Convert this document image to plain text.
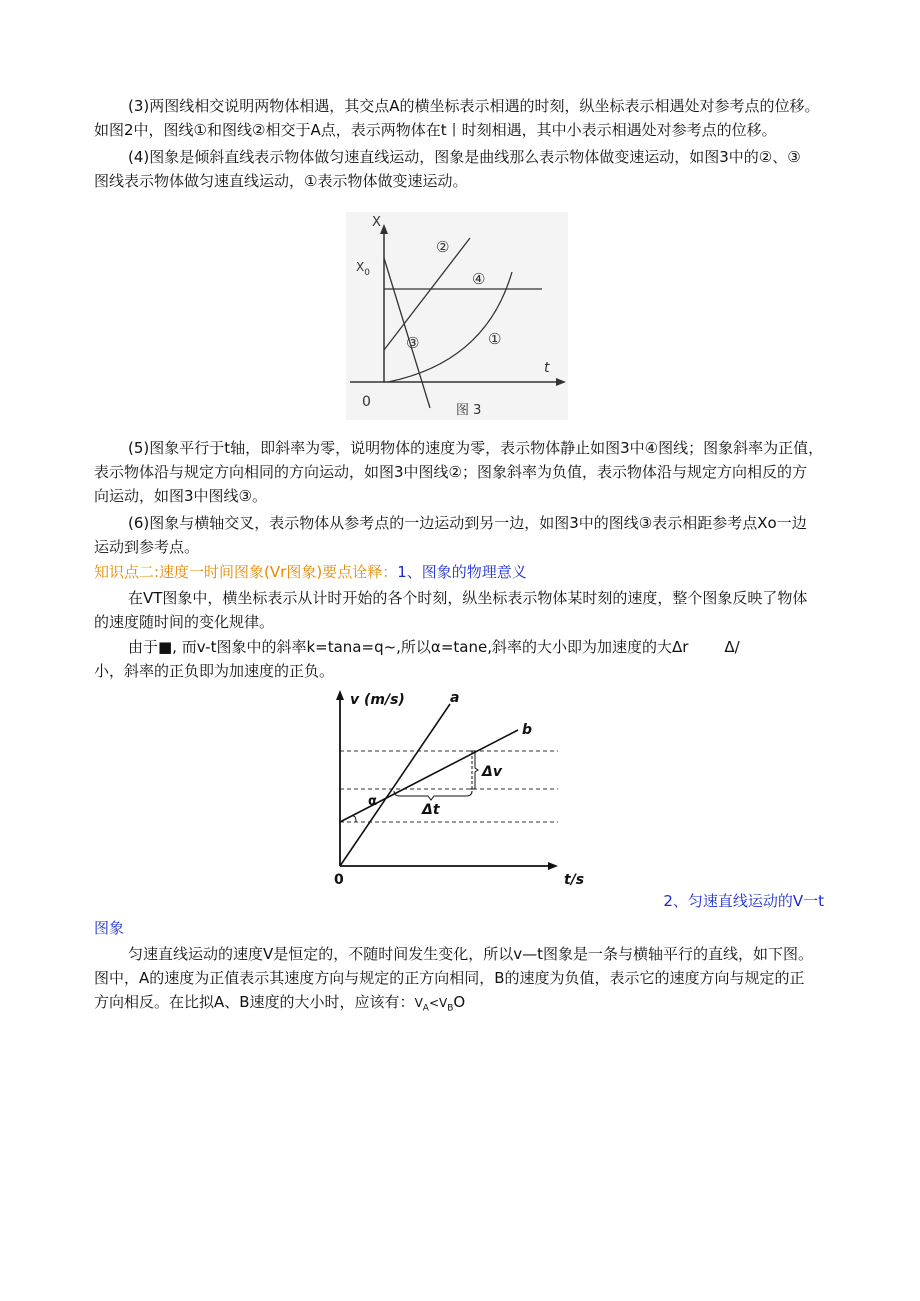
(3)两图线相交说明两物体相遇，其交点A的横坐标表示相遇的时刻，纵坐标表示相遇处对参考点的位移。
如图2中，图线①和图线②相交于A点，表示两物体在t丨时刻相遇，其中小表示相遇处对参考点的位移。
(4)图象是倾斜直线表示物体做匀速直线运动，图象是曲线那么表示物体做变速运动，如图3中的②、③
图线表示物体做匀速直线运动，①表示物体做变速运动。
X
$X_0$
t
0
图 3
②
④
③	①
(5)图象平行于t轴，即斜率为零，说明物体的速度为零，表示物体静止如图3中④图线；图象斜率为正值，
表示物体沿与规定方向相同的方向运动，如图3中图线②；图象斜率为负值，表示物体沿与规定方向相反的方
向运动，如图3中图线③。
(6)图象与横轴交叉，表示物体从参考点的一边运动到另一边，如图3中的图线③表示相距参考点Xo一边
运动到参考点。
知识点二:速度一时间图象(Vr图象)要点诠释：1、图象的物理意义
在VT图象中，横坐标表示从计时开始的各个时刻，纵坐标表示物体某时刻的速度，整个图象反映了物体
的速度随时间的变化规律。
由于■, 而v-t图象中的斜率k=tana=q~,所以α=tane,斜率的大小即为加速度的大Δr Δ/
小，斜率的正负即为加速度的正负。
v (m/s)
t/s
0
a
b
Δv
Δt
α
2、匀速直线运动的V一t
图象
匀速直线运动的速度V是恒定的，不随时间发生变化，所以v—t图象是一条与横轴平行的直线，如下图。
图中，A的速度为正值表示其速度方向与规定的正方向相同，B的速度为负值，表示它的速度方向与规定的正
方向相反。在比拟A、B速度的大小时，应该有：$V_A<V_BO$
